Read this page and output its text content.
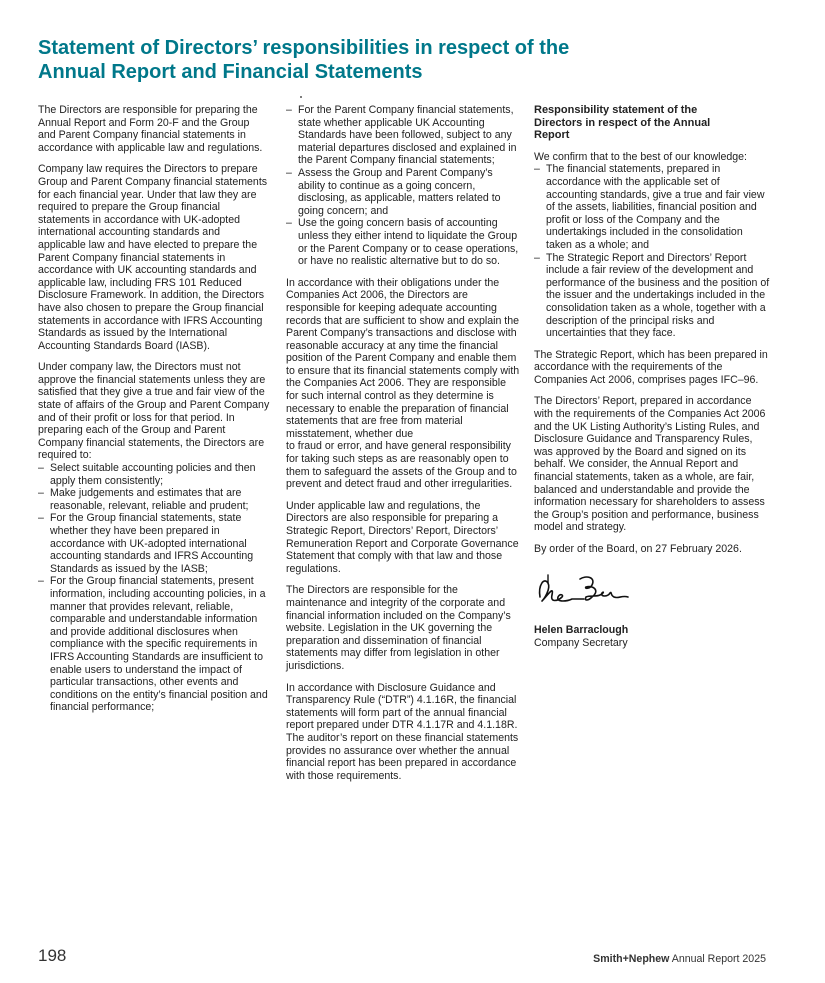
Statement of Directors’ responsibilities in respect of the Annual Report and Financial Statements

The Directors are responsible for preparing the Annual Report and Form 20-F and the Group and Parent Company financial statements in accordance with applicable law and regulations.

Company law requires the Directors to prepare Group and Parent Company financial statements for each financial year. Under that law they are required to prepare the Group financial statements in accordance with UK-adopted international accounting standards and applicable law and have elected to prepare the Parent Company financial statements in accordance with UK accounting standards and applicable law, including FRS 101 Reduced Disclosure Framework. In addition, the Directors have also chosen to prepare the Group financial statements in accordance with IFRS Accounting Standards as issued by the International Accounting Standards Board (IASB).

Under company law, the Directors must not approve the financial statements unless they are satisfied that they give a true and fair view of the state of affairs of the Group and Parent Company and of their profit or loss for that period. In preparing each of the Group and Parent Company financial statements, the Directors are required to:

– Select suitable accounting policies and then apply them consistently;
– Make judgements and estimates that are reasonable, relevant, reliable and prudent;
– For the Group financial statements, state whether they have been prepared in accordance with UK-adopted international accounting standards and IFRS Accounting Standards as issued by the IASB;
– For the Group financial statements, present information, including accounting policies, in a manner that provides relevant, reliable, comparable and understandable information and provide additional disclosures when compliance with the specific requirements in IFRS Accounting Standards are insufficient to enable users to understand the impact of particular transactions, other events and conditions on the entity’s financial position and financial performance;
– For the Parent Company financial statements, state whether applicable UK Accounting Standards have been followed, subject to any material departures disclosed and explained in the Parent Company financial statements;
– Assess the Group and Parent Company’s ability to continue as a going concern, disclosing, as applicable, matters related to going concern; and
– Use the going concern basis of accounting unless they either intend to liquidate the Group or the Parent Company or to cease operations, or have no realistic alternative but to do so.

In accordance with their obligations under the Companies Act 2006, the Directors are responsible for keeping adequate accounting records that are sufficient to show and explain the Parent Company’s transactions and disclose with reasonable accuracy at any time the financial position of the Parent Company and enable them to ensure that its financial statements comply with the Companies Act 2006. They are responsible for such internal control as they determine is necessary to enable the preparation of financial statements that are free from material misstatement, whether due

to fraud or error, and have general responsibility for taking such steps as are reasonably open to them to safeguard the assets of the Group and to prevent and detect fraud and other irregularities.

Under applicable law and regulations, the Directors are also responsible for preparing a Strategic Report, Directors’ Report, Directors’ Remuneration Report and Corporate Governance Statement that comply with that law and those regulations.

The Directors are responsible for the maintenance and integrity of the corporate and financial information included on the Company’s website. Legislation in the UK governing the preparation and dissemination of financial statements may differ from legislation in other jurisdictions.

In accordance with Disclosure Guidance and Transparency Rule (“DTR”) 4.1.16R, the financial statements will form part of the annual financial report prepared under DTR 4.1.17R and 4.1.18R. The auditor’s report on these financial statements provides no assurance over whether the annual financial report has been prepared in accordance with those requirements.

Responsibility statement of the Directors in respect of the Annual Report

We confirm that to the best of our knowledge:

– The financial statements, prepared in accordance with the applicable set of accounting standards, give a true and fair view of the assets, liabilities, financial position and profit or loss of the Company and the undertakings included in the consolidation taken as a whole; and
– The Strategic Report and Directors’ Report include a fair review of the development and performance of the business and the position of the issuer and the undertakings included in the consolidation taken as a whole, together with a description of the principal risks and uncertainties that they face.

The Strategic Report, which has been prepared in accordance with the requirements of the Companies Act 2006, comprises pages IFC–96.

The Directors’ Report, prepared in accordance with the requirements of the Companies Act 2006 and the UK Listing Authority’s Listing Rules, and Disclosure Guidance and Transparency Rules, was approved by the Board and signed on its behalf. We consider, the Annual Report and financial statements, taken as a whole, are fair, balanced and understandable and provide the information necessary for shareholders to assess the Group’s position and performance, business model and strategy.

By order of the Board, on 27 February 2026.

Helen Barraclough

Company Secretary

198	Smith+Nephew Annual Report 2025
